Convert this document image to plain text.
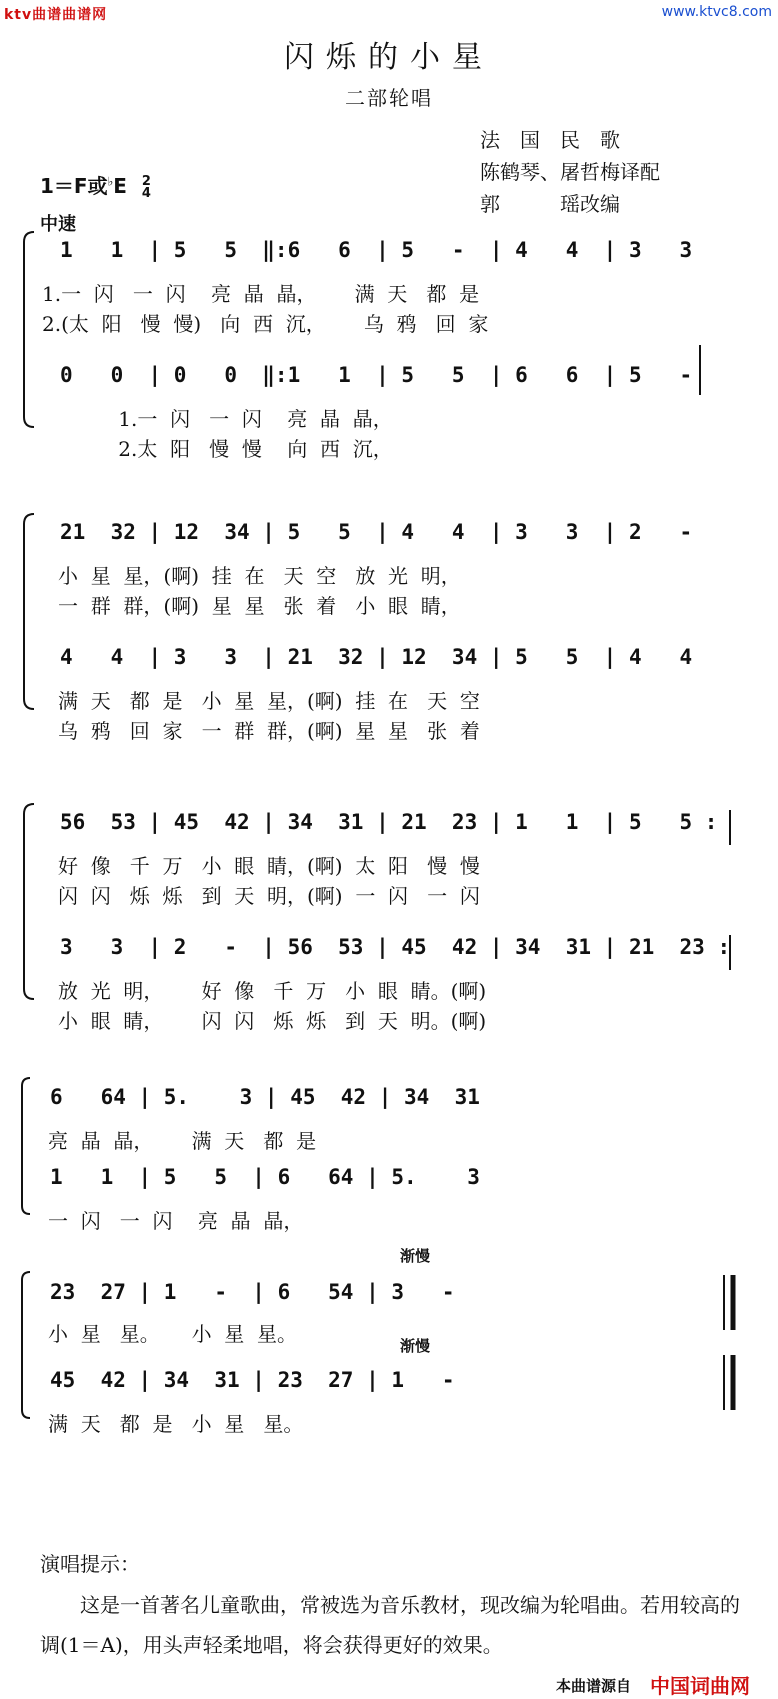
ktv曲谱曲谱网	www.ktvc8.com
闪烁的小星
二部轮唱
法　国　民　歌
陈鹤琴、屠哲梅译配
郭　　　瑶改编
1＝F或♭E 2
4
中速
1   1  | 5   5  ‖:6   6  | 5   -  | 4   4  | 3   3
1.一  闪   一  闪    亮  晶  晶，      满  天   都  是
2.(太  阳   慢  慢)   向  西  沉，      乌  鸦   回  家
0   0  | 0   0  ‖:1   1  | 5   5  | 6   6  | 5   -
1.一  闪   一  闪    亮  晶  晶，
2.太  阳   慢  慢    向  西  沉，
21  32 | 12  34 | 5   5  | 4   4  | 3   3  | 2   -
小  星  星，(啊)  挂  在   天  空   放  光  明，
一  群  群，(啊)  星  星   张  着   小  眼  睛，
4   4  | 3   3  | 21  32 | 12  34 | 5   5  | 4   4
满  天   都  是   小  星  星，(啊)  挂  在   天  空
乌  鸦   回  家   一  群  群，(啊)  星  星   张  着
56  53 | 45  42 | 34  31 | 21  23 | 1   1  | 5   5 :
好  像   千  万   小  眼  睛，(啊)  太  阳   慢  慢
闪  闪   烁  烁   到  天  明，(啊)  一  闪   一  闪
3   3  | 2   -  | 56  53 | 45  42 | 34  31 | 21  23 :
放  光  明，      好  像   千  万   小  眼  睛。(啊)
小  眼  睛，      闪  闪   烁  烁   到  天  明。(啊)
6   64 | 5.    3 | 45  42 | 34  31
亮  晶  晶，      满  天   都  是
1   1  | 5   5  | 6   64 | 5.    3
一  闪   一  闪    亮  晶  晶，
渐慢
渐慢
23  27 | 1   -  | 6   54 | 3   -
小  星   星。     小  星  星。
45  42 | 34  31 | 23  27 | 1   -
满  天   都  是   小  星   星。
演唱提示：
这是一首著名儿童歌曲，常被选为音乐教材，现改编为轮唱曲。若用较高的调(1＝A)，用头声轻柔地唱，将会获得更好的效果。
本曲谱源自 中国词曲网
